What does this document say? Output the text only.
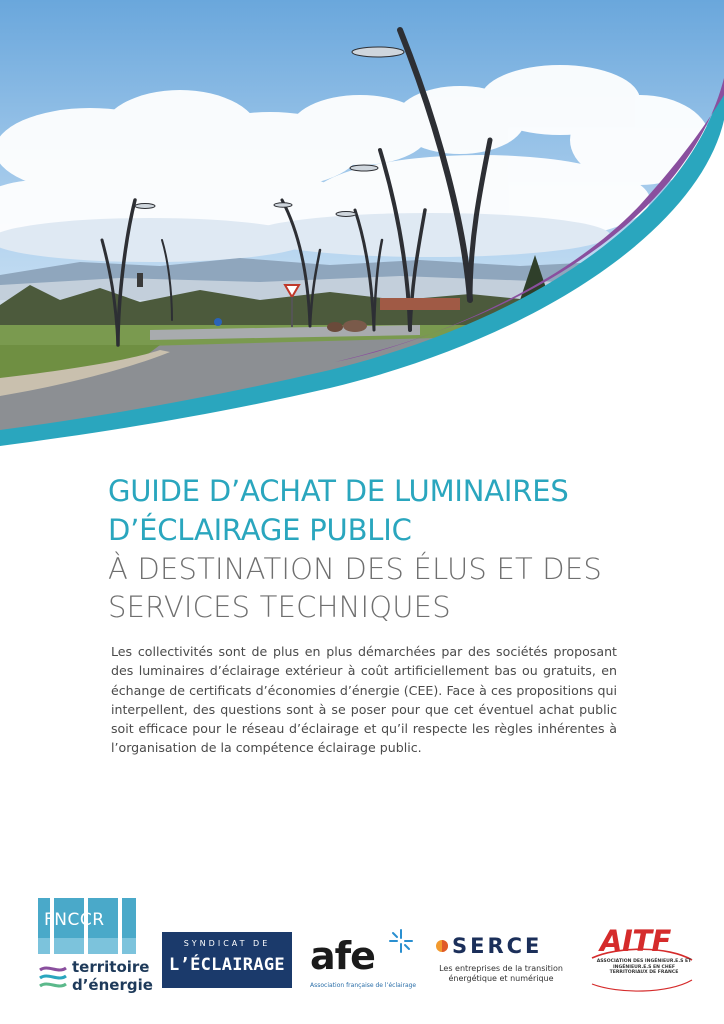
GUIDE D’ACHAT DE LUMINAIRES

D’ÉCLAIRAGE PUBLIC

À DESTINATION DES ÉLUS ET DES

SERVICES TECHNIQUES

Les collectivités sont de plus en plus démarchées par des sociétés proposant des luminaires d’éclairage extérieur à coût artificiellement bas ou gratuits, en échange de certificats d’économies d’énergie (CEE). Face à ces propositions qui interpellent, des questions sont à se poser pour que cet éventuel achat public soit efficace pour le réseau d’éclairage et qu’il respecte les règles inhérentes à l’organisation de la compétence éclairage public.

FNCCR
territoire
d’énergie
SYNDICAT DE
L’ÉCLAIRAGE afe
Association française de l’éclairage
SERCE
Les entreprises de la transition énergétique et numérique
AITF
ASSOCIATION DES INGÉNIEUR.E.S ET INGÉNIEUR.E.S EN CHEF TERRITORIAUX DE FRANCE
